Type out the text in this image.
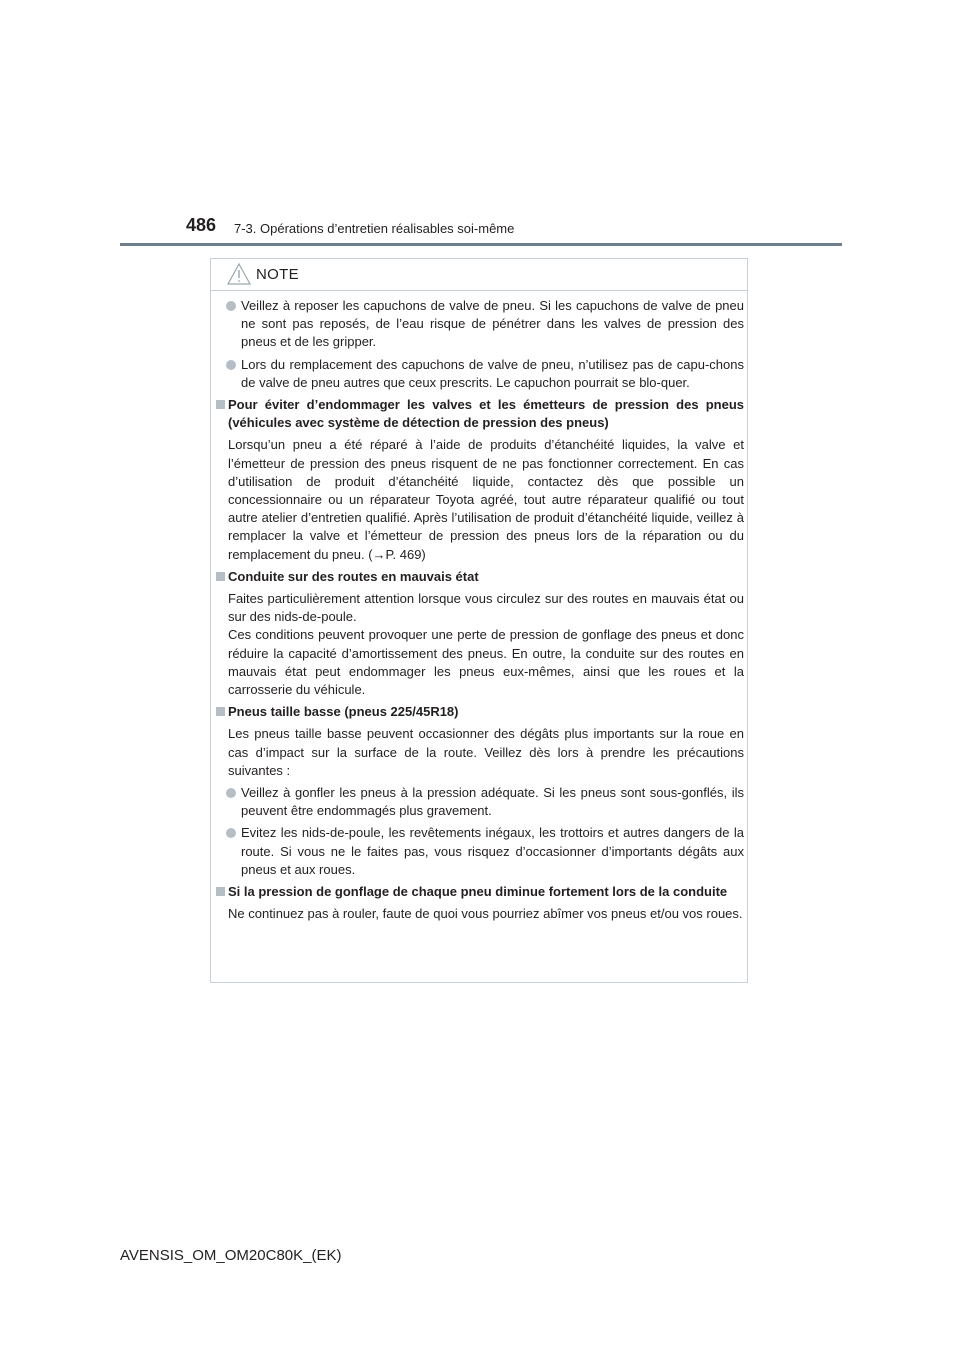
486 7-3. Opérations d’entretien réalisables soi-même
NOTE
Veillez à reposer les capuchons de valve de pneu. Si les capuchons de valve de pneu ne sont pas reposés, de l’eau risque de pénétrer dans les valves de pression des pneus et de les gripper.
Lors du remplacement des capuchons de valve de pneu, n’utilisez pas de capu-chons de valve de pneu autres que ceux prescrits. Le capuchon pourrait se blo-quer.
Pour éviter d’endommager les valves et les émetteurs de pression des pneus (véhicules avec système de détection de pression des pneus)
Lorsqu’un pneu a été réparé à l’aide de produits d’étanchéité liquides, la valve et l’émetteur de pression des pneus risquent de ne pas fonctionner correctement. En cas d’utilisation de produit d’étanchéité liquide, contactez dès que possible un concessionnaire ou un réparateur Toyota agréé, tout autre réparateur qualifié ou tout autre atelier d’entretien qualifié. Après l’utilisation de produit d’étanchéité liquide, veillez à remplacer la valve et l’émetteur de pression des pneus lors de la réparation ou du remplacement du pneu. (→P. 469)
Conduite sur des routes en mauvais état
Faites particulièrement attention lorsque vous circulez sur des routes en mauvais état ou sur des nids-de-poule.
Ces conditions peuvent provoquer une perte de pression de gonflage des pneus et donc réduire la capacité d’amortissement des pneus. En outre, la conduite sur des routes en mauvais état peut endommager les pneus eux-mêmes, ainsi que les roues et la carrosserie du véhicule.
Pneus taille basse (pneus 225/45R18)
Les pneus taille basse peuvent occasionner des dégâts plus importants sur la roue en cas d’impact sur la surface de la route. Veillez dès lors à prendre les précautions suivantes :
Veillez à gonfler les pneus à la pression adéquate. Si les pneus sont sous-gonflés, ils peuvent être endommagés plus gravement.
Evitez les nids-de-poule, les revêtements inégaux, les trottoirs et autres dangers de la route. Si vous ne le faites pas, vous risquez d’occasionner d’importants dégâts aux pneus et aux roues.
Si la pression de gonflage de chaque pneu diminue fortement lors de la conduite
Ne continuez pas à rouler, faute de quoi vous pourriez abîmer vos pneus et/ou vos roues.
AVENSIS_OM_OM20C80K_(EK)
